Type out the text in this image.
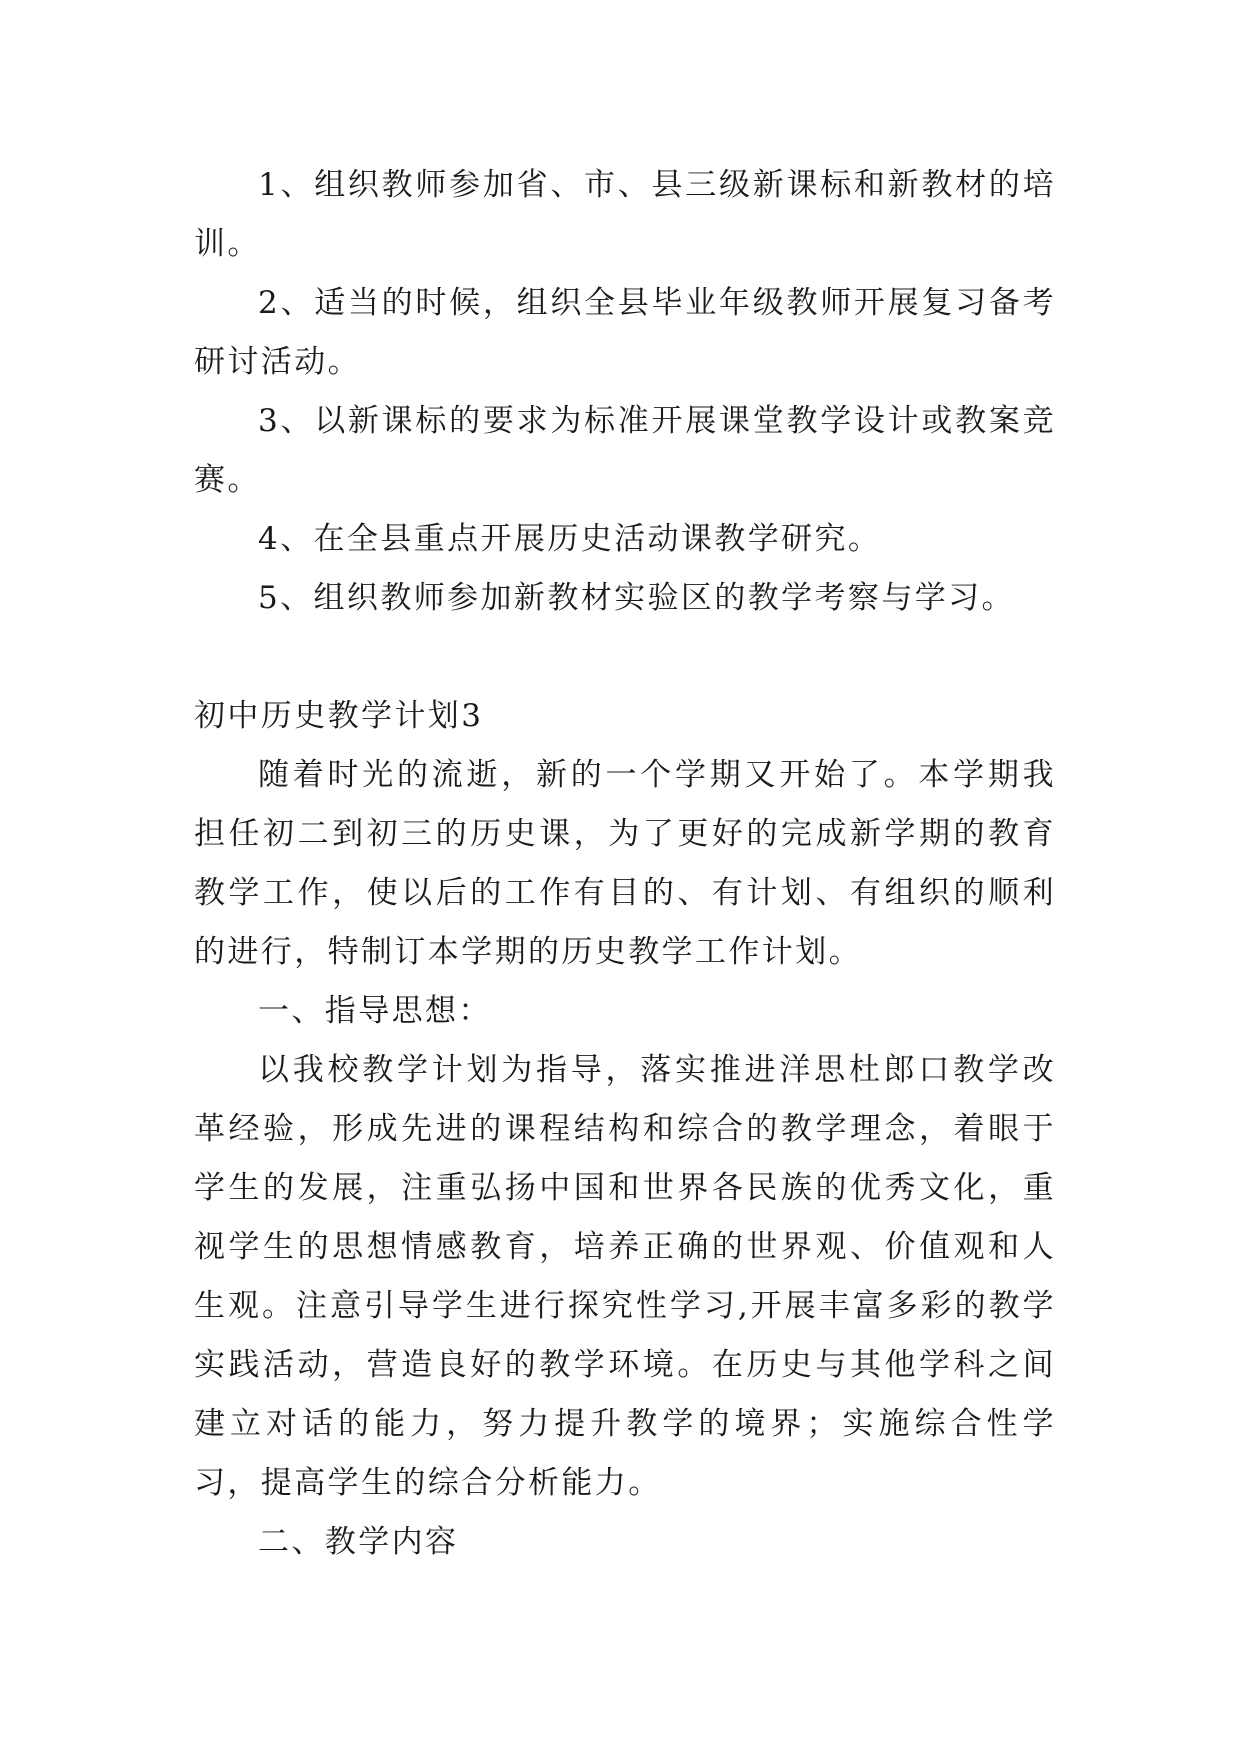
1、组织教师参加省、市、县三级新课标和新教材的培训。

2、适当的时候，组织全县毕业年级教师开展复习备考研讨活动。

3、以新课标的要求为标准开展课堂教学设计或教案竞赛。

4、在全县重点开展历史活动课教学研究。

5、组织教师参加新教材实验区的教学考察与学习。

初中历史教学计划3

随着时光的流逝，新的一个学期又开始了。本学期我担任初二到初三的历史课，为了更好的完成新学期的教育教学工作，使以后的工作有目的、有计划、有组织的顺利的进行，特制订本学期的历史教学工作计划。

一、指导思想：

以我校教学计划为指导，落实推进洋思杜郎口教学改革经验，形成先进的课程结构和综合的教学理念，着眼于学生的发展，注重弘扬中国和世界各民族的优秀文化，重视学生的思想情感教育，培养正确的世界观、价值观和人生观。注意引导学生进行探究性学习,开展丰富多彩的教学实践活动，营造良好的教学环境。在历史与其他学科之间建立对话的能力，努力提升教学的境界；实施综合性学习，提高学生的综合分析能力。

二、教学内容
